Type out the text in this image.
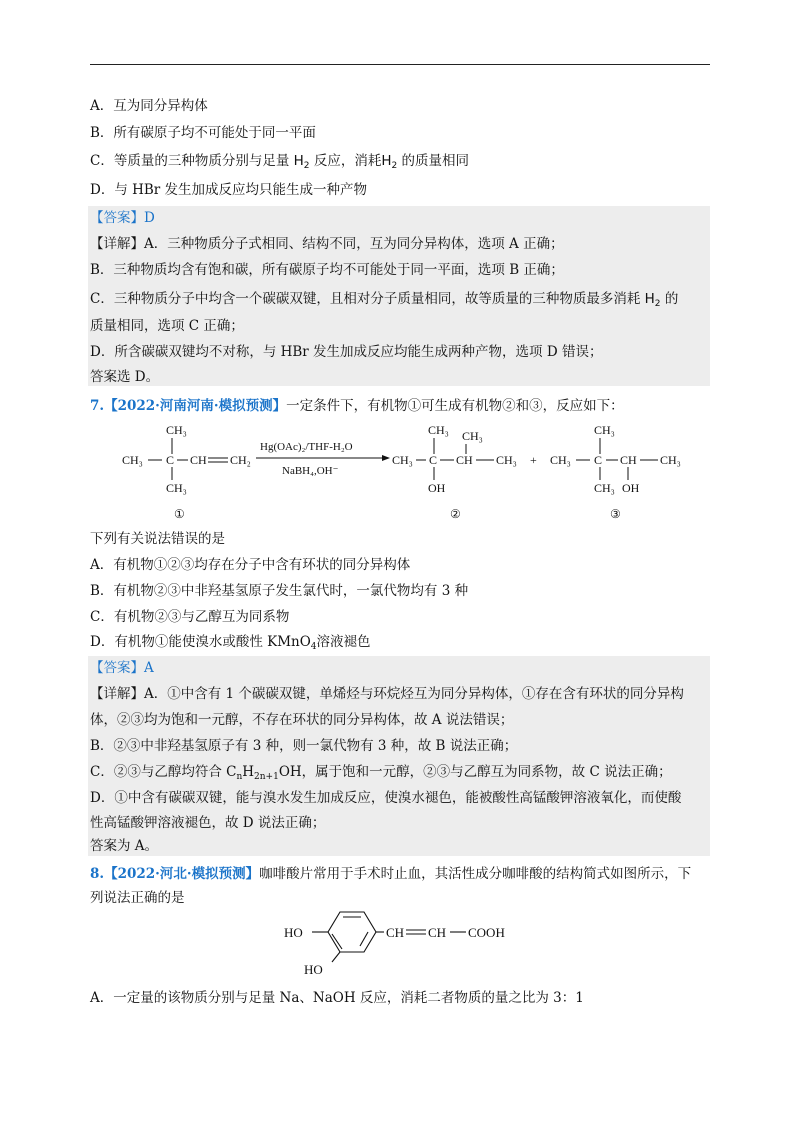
A．互为同分异构体
B．所有碳原子均不可能处于同一平面
C．等质量的三种物质分别与足量 $H_2$ 反应，消耗$H_2$ 的质量相同
D．与 HBr 发生加成反应均只能生成一种产物
【答案】D
【详解】A．三种物质分子式相同、结构不同，互为同分异构体，选项 A 正确；
B．三种物质均含有饱和碳，所有碳原子均不可能处于同一平面，选项 B 正确；
C．三种物质分子中均含一个碳碳双键，且相对分子质量相同，故等质量的三种物质最多消耗 $H_2$ 的
质量相同，选项 C 正确；
D．所含碳碳双键均不对称，与 HBr 发生加成反应均能生成两种产物，选项 D 错误；
答案选 D。
7.【2022·河南河南·模拟预测】一定条件下，有机物①可生成有机物②和③，反应如下：
CH₃
CH₃ C CH CH₂
CH₃
Hg(OAc)₂/THF-H₂O
NaBH₄,OH⁻
CH₃ CH₃
CH₃ C CH CH₃
OH
+
CH₃
CH₃ C CH CH₃
CH₃ OH
①	②	③
下列有关说法错误的是
A．有机物①②③均存在分子中含有环状的同分异构体
B．有机物②③中非羟基氢原子发生氯代时，一氯代物均有 3 种
C．有机物②③与乙醇互为同系物
D．有机物①能使溴水或酸性 KMnO$_4$溶液褪色
【答案】A
【详解】A．①中含有 1 个碳碳双键，单烯烃与环烷烃互为同分异构体，①存在含有环状的同分异构
体，②③均为饱和一元醇，不存在环状的同分异构体，故 A 说法错误；
B．②③中非羟基氢原子有 3 种，则一氯代物有 3 种，故 B 说法正确；
C．②③与乙醇均符合 $C_nH_{2n+1}OH$，属于饱和一元醇，②③与乙醇互为同系物，故 C 说法正确；
D．①中含有碳碳双键，能与溴水发生加成反应，使溴水褪色，能被酸性高锰酸钾溶液氧化，而使酸
性高锰酸钾溶液褪色，故 D 说法正确；
答案为 A。
8.【2022·河北·模拟预测】咖啡酸片常用于手术时止血，其活性成分咖啡酸的结构简式如图所示，下
列说法正确的是
HO
HO
CH CH COOH
A．一定量的该物质分别与足量 Na、NaOH 反应，消耗二者物质的量之比为 3：1
